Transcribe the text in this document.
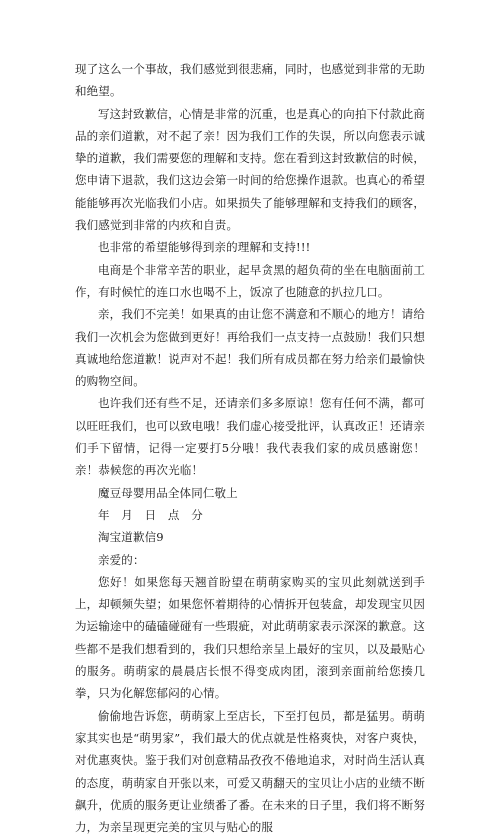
现了这么一个事故，我们感觉到很悲痛，同时，也感觉到非常的无助和绝望。

写这封致歉信，心情是非常的沉重，也是真心的向拍下付款此商品的亲们道歉，对不起了亲！因为我们工作的失误，所以向您表示诚挚的道歉，我们需要您的理解和支持。您在看到这封致歉信的时候，您申请下退款，我们这边会第一时间的给您操作退款。也真心的希望能能够再次光临我们小店。如果损失了能够理解和支持我们的顾客，我们感觉到非常的内疚和自责。

也非常的希望能够得到亲的理解和支持!!!

电商是个非常辛苦的职业，起早贪黑的超负荷的坐在电脑面前工作，有时候忙的连口水也喝不上，饭凉了也随意的扒拉几口。

亲，我们不完美！如果真的由让您不满意和不顺心的地方！请给我们一次机会为您做到更好！再给我们一点支持一点鼓励！我们只想真诚地给您道歉！说声对不起！我们所有成员都在努力给亲们最愉快的购物空间。

也许我们还有些不足，还请亲们多多原谅！您有任何不满，都可以旺旺我们，也可以致电哦！我们虚心接受批评，认真改正！还请亲们手下留情，记得一定要打5分哦！我代表我们家的成员感谢您！亲！恭候您的再次光临！

魔豆母婴用品全体同仁敬上

年　月　日　点　分

淘宝道歉信9

亲爱的：

您好！如果您每天翘首盼望在萌萌家购买的宝贝此刻就送到手上，却顿频失望；如果您怀着期待的心情拆开包装盒，却发现宝贝因为运输途中的磕磕碰碰有一些瑕疵，对此萌萌家表示深深的歉意。这些都不是我们想看到的，我们只想给亲呈上最好的宝贝，以及最贴心的服务。萌萌家的晨晨店长恨不得变成肉团，滚到亲面前给您揍几拳，只为化解您郁闷的心情。

偷偷地告诉您，萌萌家上至店长，下至打包员，都是猛男。萌萌家其实也是“萌男家”，我们最大的优点就是性格爽快，对客户爽快，对优惠爽快。鉴于我们对创意精品孜孜不倦地追求，对时尚生活认真的态度，萌萌家自开张以来，可爱又萌翻天的宝贝让小店的业绩不断飙升，优质的服务更让业绩番了番。在未来的日子里，我们将不断努力，为亲呈现更完美的宝贝与贴心的服
